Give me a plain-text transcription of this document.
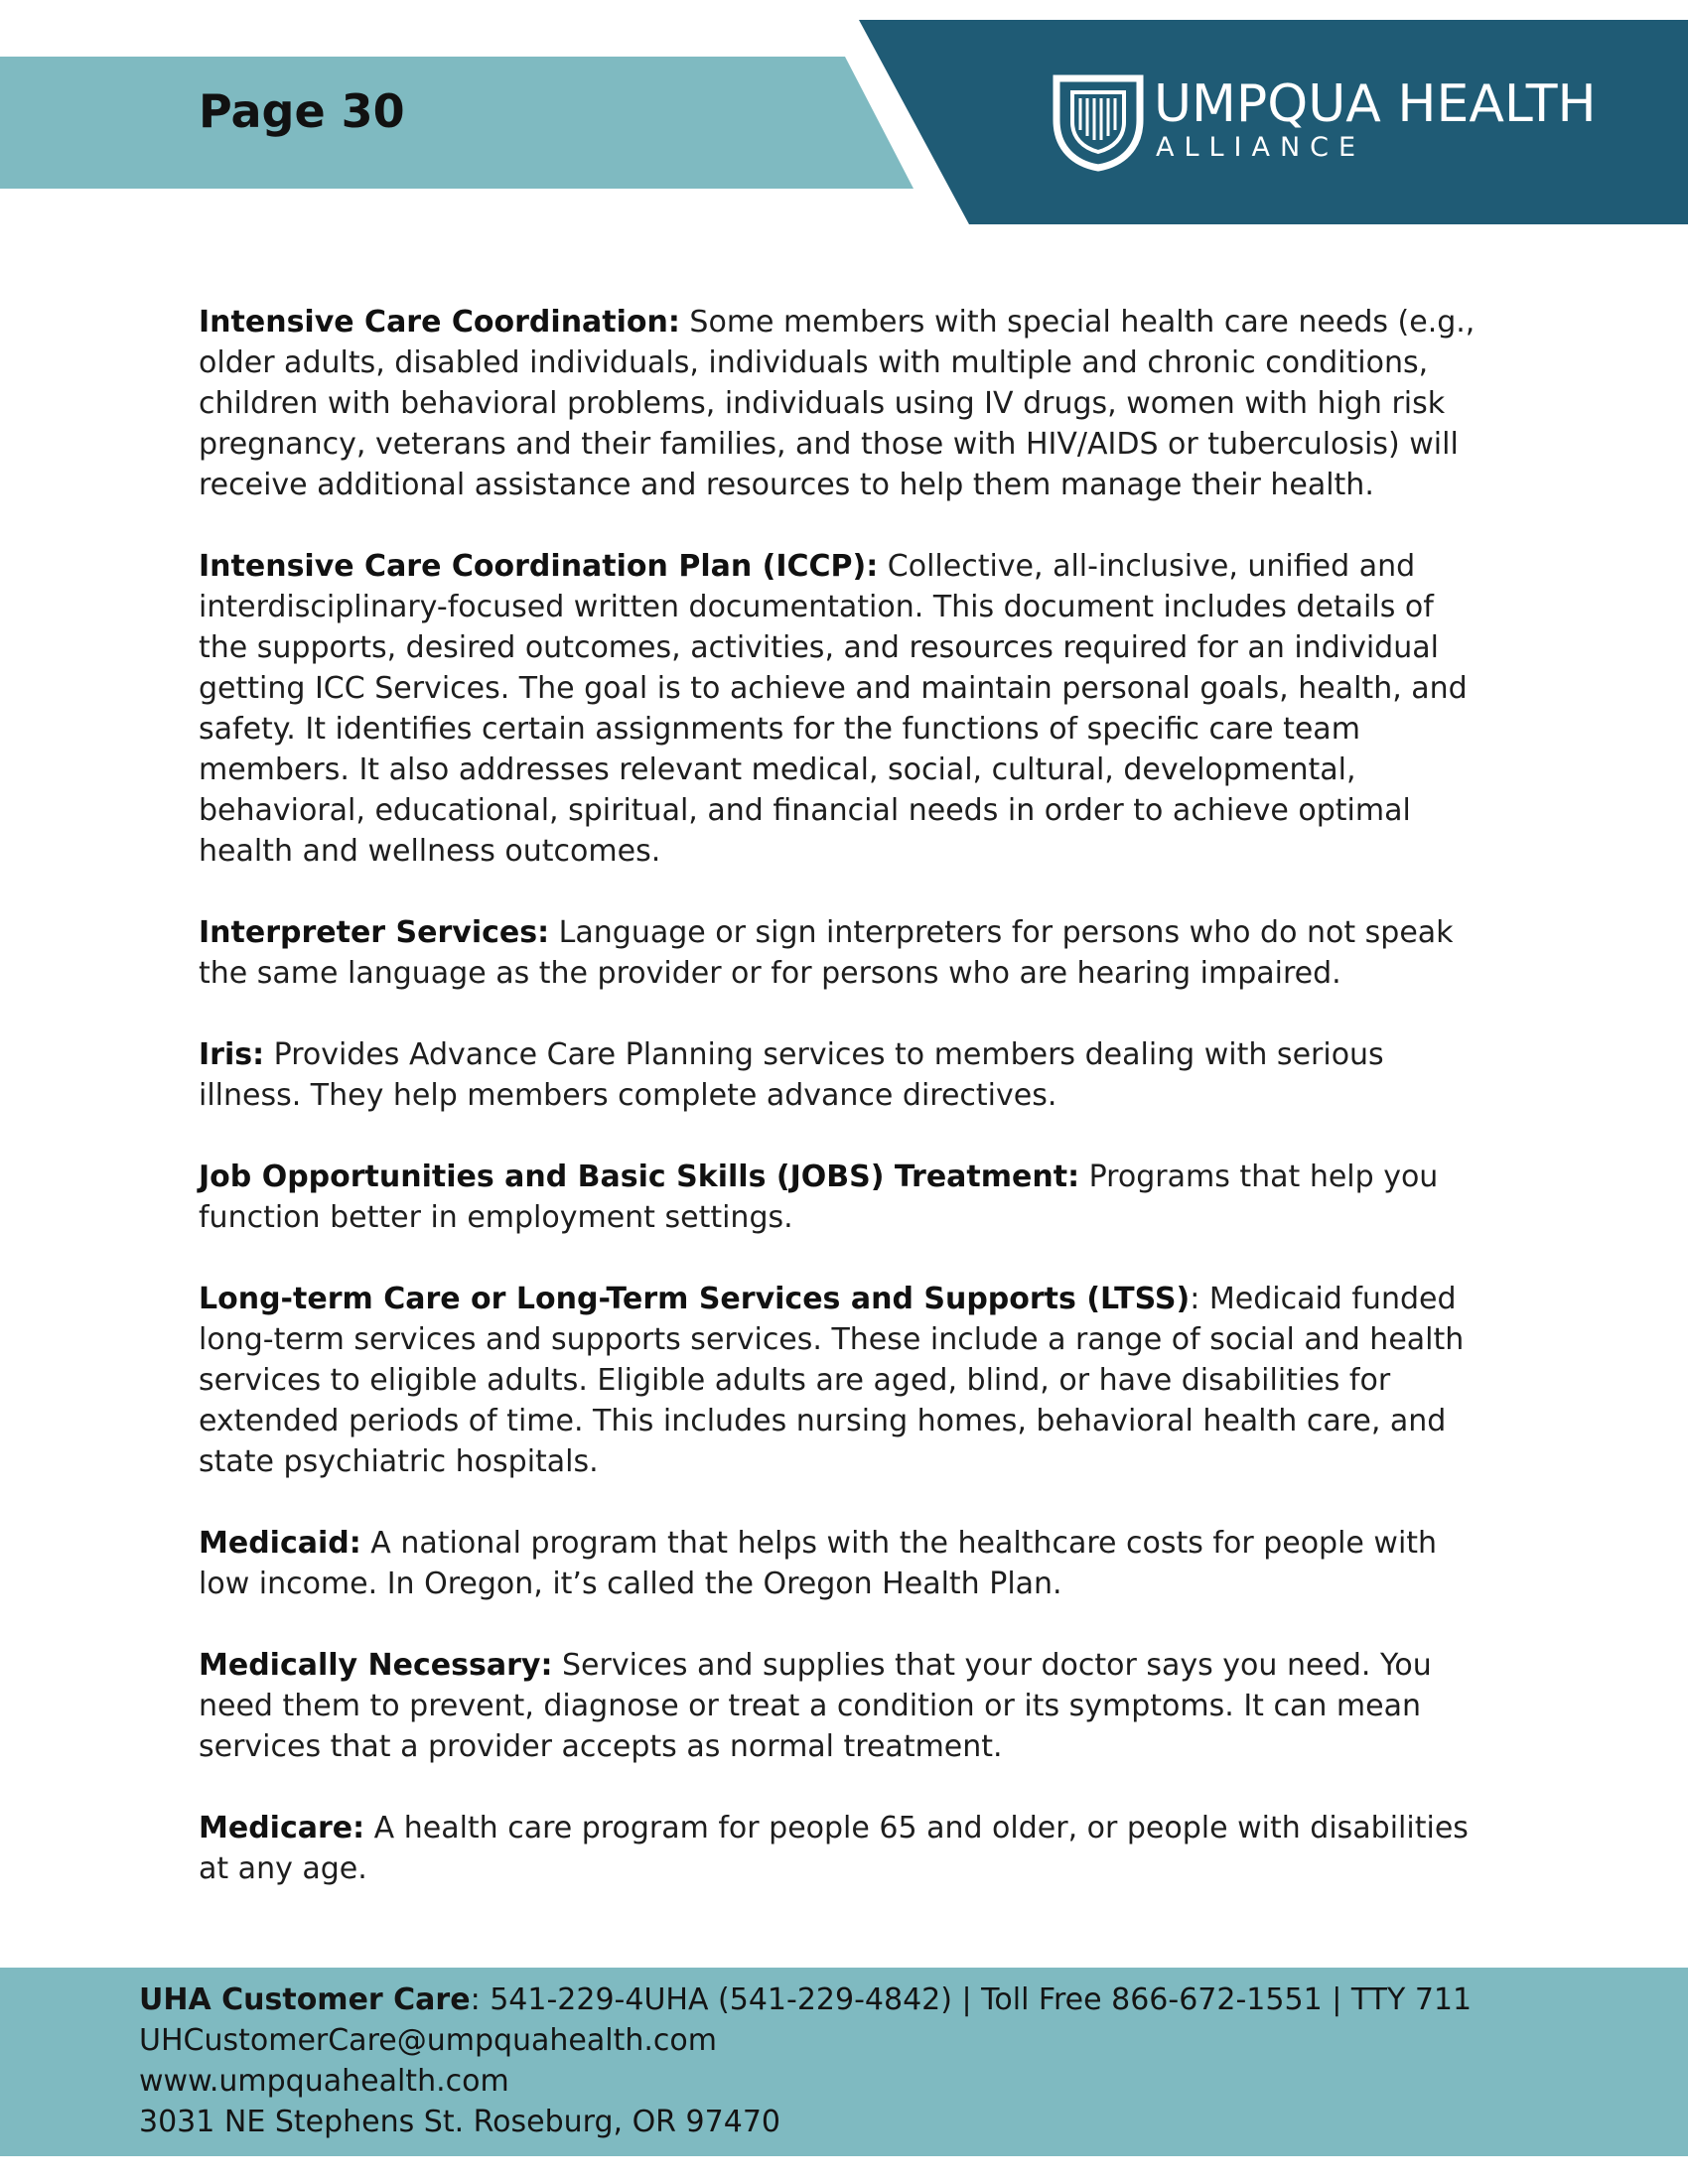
Page 30	UMPQUA HEALTH
ALLIANCE

Intensive Care Coordination: Some members with special health care needs (e.g., older adults, disabled individuals, individuals with multiple and chronic conditions, children with behavioral problems, individuals using IV drugs, women with high risk pregnancy, veterans and their families, and those with HIV/AIDS or tuberculosis) will receive additional assistance and resources to help them manage their health.

Intensive Care Coordination Plan (ICCP): Collective, all-inclusive, unified and interdisciplinary-focused written documentation. This document includes details of the supports, desired outcomes, activities, and resources required for an individual getting ICC Services. The goal is to achieve and maintain personal goals, health, and safety. It identifies certain assignments for the functions of specific care team members. It also addresses relevant medical, social, cultural, developmental, behavioral, educational, spiritual, and financial needs in order to achieve optimal health and wellness outcomes.

Interpreter Services: Language or sign interpreters for persons who do not speak the same language as the provider or for persons who are hearing impaired.

Iris: Provides Advance Care Planning services to members dealing with serious illness. They help members complete advance directives.

Job Opportunities and Basic Skills (JOBS) Treatment: Programs that help you function better in employment settings.

Long-term Care or Long-Term Services and Supports (LTSS): Medicaid funded long-term services and supports services. These include a range of social and health services to eligible adults. Eligible adults are aged, blind, or have disabilities for extended periods of time. This includes nursing homes, behavioral health care, and state psychiatric hospitals.

Medicaid: A national program that helps with the healthcare costs for people with low income. In Oregon, it’s called the Oregon Health Plan.

Medically Necessary: Services and supplies that your doctor says you need. You need them to prevent, diagnose or treat a condition or its symptoms. It can mean services that a provider accepts as normal treatment.

Medicare: A health care program for people 65 and older, or people with disabilities at any age.

UHA Customer Care: 541-229-4UHA (541-229-4842) | Toll Free 866-672-1551 | TTY 711
UHCustomerCare@umpquahealth.com
www.umpquahealth.com
3031 NE Stephens St. Roseburg, OR 97470
